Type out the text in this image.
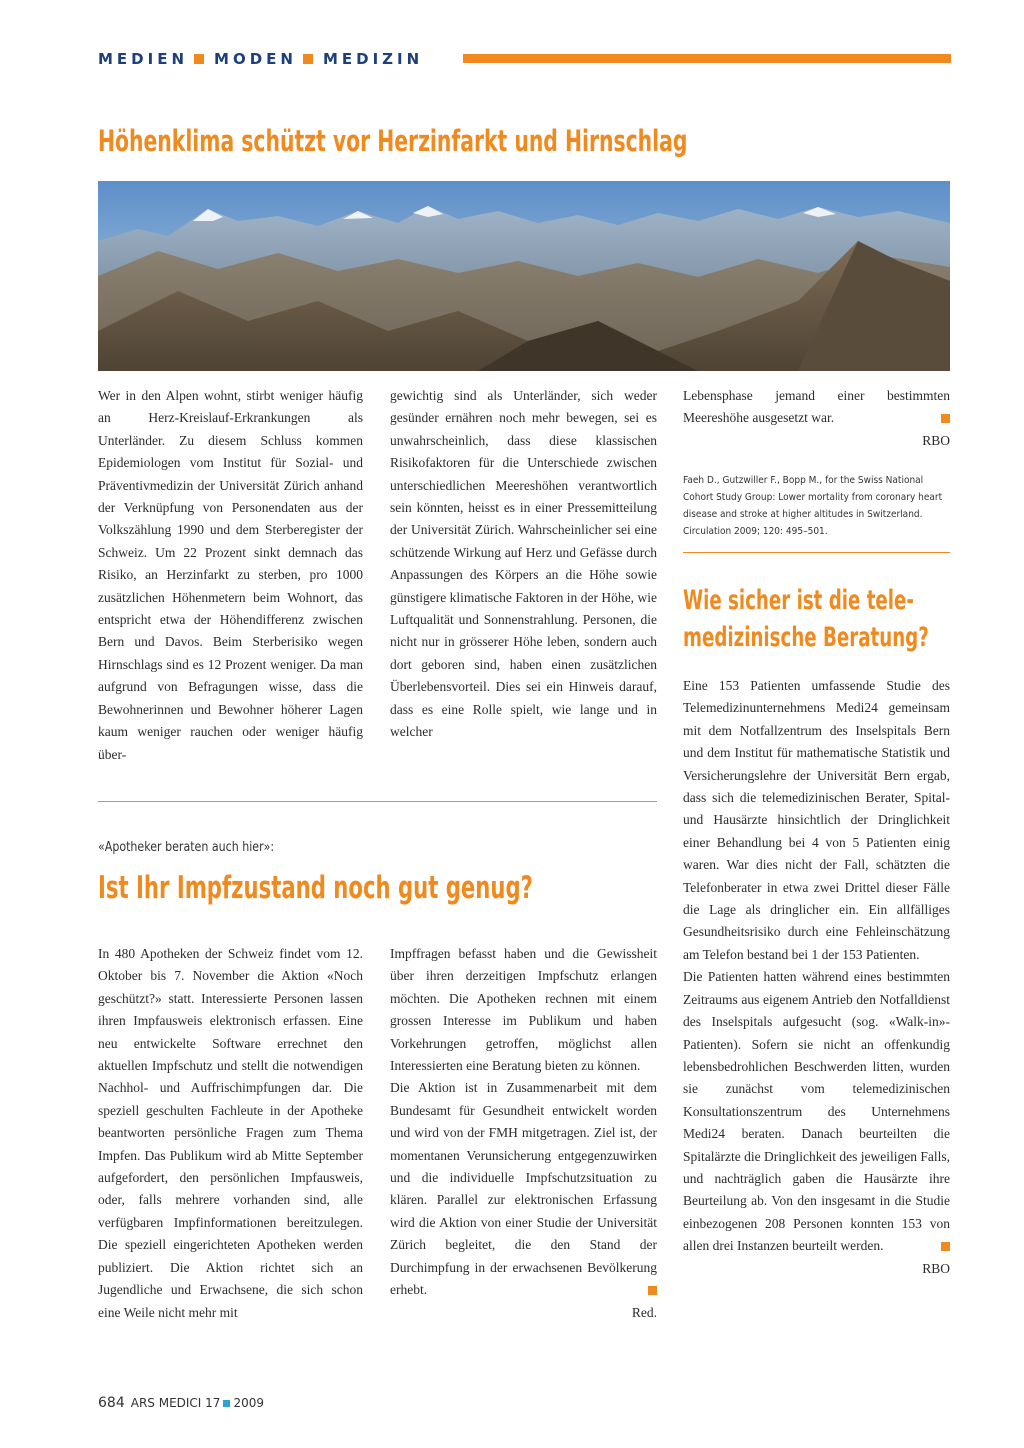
MEDIEN MODEN MEDIZIN
Höhenklima schützt vor Herzinfarkt und Hirnschlag

Wer in den Alpen wohnt, stirbt weniger häufig an Herz-Kreislauf-Erkrankungen als Unterländer. Zu diesem Schluss kommen Epidemiologen vom Institut für Sozial- und Präventivmedizin der Universität Zürich anhand der Verknüpfung von Personendaten aus der Volkszählung 1990 und dem Sterberegister der Schweiz. Um 22 Prozent sinkt demnach das Risiko, an Herzinfarkt zu sterben, pro 1000 zusätzlichen Höhenmetern beim Wohnort, das entspricht etwa der Höhendifferenz zwischen Bern und Davos. Beim Sterberisiko wegen Hirnschlags sind es 12 Prozent weniger. Da man aufgrund von Befragungen wisse, dass die Bewohnerinnen und Bewohner höherer Lagen kaum weniger rauchen oder weniger häufig über-

gewichtig sind als Unterländer, sich weder gesünder ernähren noch mehr bewegen, sei es unwahrscheinlich, dass diese klassischen Risikofaktoren für die Unterschiede zwischen unterschiedlichen Meereshöhen verantwortlich sein könnten, heisst es in einer Pressemitteilung der Universität Zürich. Wahrscheinlicher sei eine schützende Wirkung auf Herz und Gefässe durch Anpassungen des Körpers an die Höhe sowie günstigere klimatische Faktoren in der Höhe, wie Luftqualität und Sonnenstrahlung. Personen, die nicht nur in grösserer Höhe leben, sondern auch dort geboren sind, haben einen zusätzlichen Überlebensvorteil. Dies sei ein Hinweis darauf, dass es eine Rolle spielt, wie lange und in welcher

Lebensphase jemand einer bestimmten Meereshöhe ausgesetzt war.

RBO
Faeh D., Gutzwiller F., Bopp M., for the Swiss National Cohort Study Group: Lower mortality from coronary heart disease and stroke at higher altitudes in Switzerland. Circulation 2009; 120: 495–501.
Wie sicher ist die tele-
medizinische Beratung?

Eine 153 Patienten umfassende Studie des Telemedizinunternehmens Medi24 gemeinsam mit dem Notfallzentrum des Inselspitals Bern und dem Institut für mathematische Statistik und Versicherungslehre der Universität Bern ergab, dass sich die telemedizinischen Berater, Spital- und Hausärzte hinsichtlich der Dringlichkeit einer Behandlung bei 4 von 5 Patienten einig waren. War dies nicht der Fall, schätzten die Telefonberater in etwa zwei Drittel dieser Fälle die Lage als dringlicher ein. Ein allfälliges Gesundheitsrisiko durch eine Fehleinschätzung am Telefon bestand bei 1 der 153 Patienten.

Die Patienten hatten während eines bestimmten Zeitraums aus eigenem Antrieb den Notfalldienst des Inselspitals aufgesucht (sog. «Walk-in»-Patienten). Sofern sie nicht an offenkundig lebensbedrohlichen Beschwerden litten, wurden sie zunächst vom telemedizinischen Konsultationszentrum des Unternehmens Medi24 beraten. Danach beurteilten die Spitalärzte die Dringlichkeit des jeweiligen Falls, und nachträglich gaben die Hausärzte ihre Beurteilung ab. Von den insgesamt in die Studie einbezogenen 208 Personen konnten 153 von allen drei Instanzen beurteilt werden.

RBO
«Apotheker beraten auch hier»:
Ist Ihr Impfzustand noch gut genug?

In 480 Apotheken der Schweiz findet vom 12. Oktober bis 7. November die Aktion «Noch geschützt?» statt. Interessierte Personen lassen ihren Impfausweis elektronisch erfassen. Eine neu entwickelte Software errechnet den aktuellen Impfschutz und stellt die notwendigen Nachhol- und Auffrischimpfungen dar. Die speziell geschulten Fachleute in der Apotheke beantworten persönliche Fragen zum Thema Impfen. Das Publikum wird ab Mitte September aufgefordert, den persönlichen Impfausweis, oder, falls mehrere vorhanden sind, alle verfügbaren Impfinformationen bereitzulegen. Die speziell eingerichteten Apotheken werden publiziert. Die Aktion richtet sich an Jugendliche und Erwachsene, die sich schon eine Weile nicht mehr mit

Impffragen befasst haben und die Gewissheit über ihren derzeitigen Impfschutz erlangen möchten. Die Apotheken rechnen mit einem grossen Interesse im Publikum und haben Vorkehrungen getroffen, möglichst allen Interessierten eine Beratung bieten zu können.

Die Aktion ist in Zusammenarbeit mit dem Bundesamt für Gesundheit entwickelt worden und wird von der FMH mitgetragen. Ziel ist, der momentanen Verunsicherung entgegenzuwirken und die individuelle Impfschutzsituation zu klären. Parallel zur elektronischen Erfassung wird die Aktion von einer Studie der Universität Zürich begleitet, die den Stand der Durchimpfung in der erwachsenen Bevölkerung erhebt.

Red.
684 ARS MEDICI 17 2009
